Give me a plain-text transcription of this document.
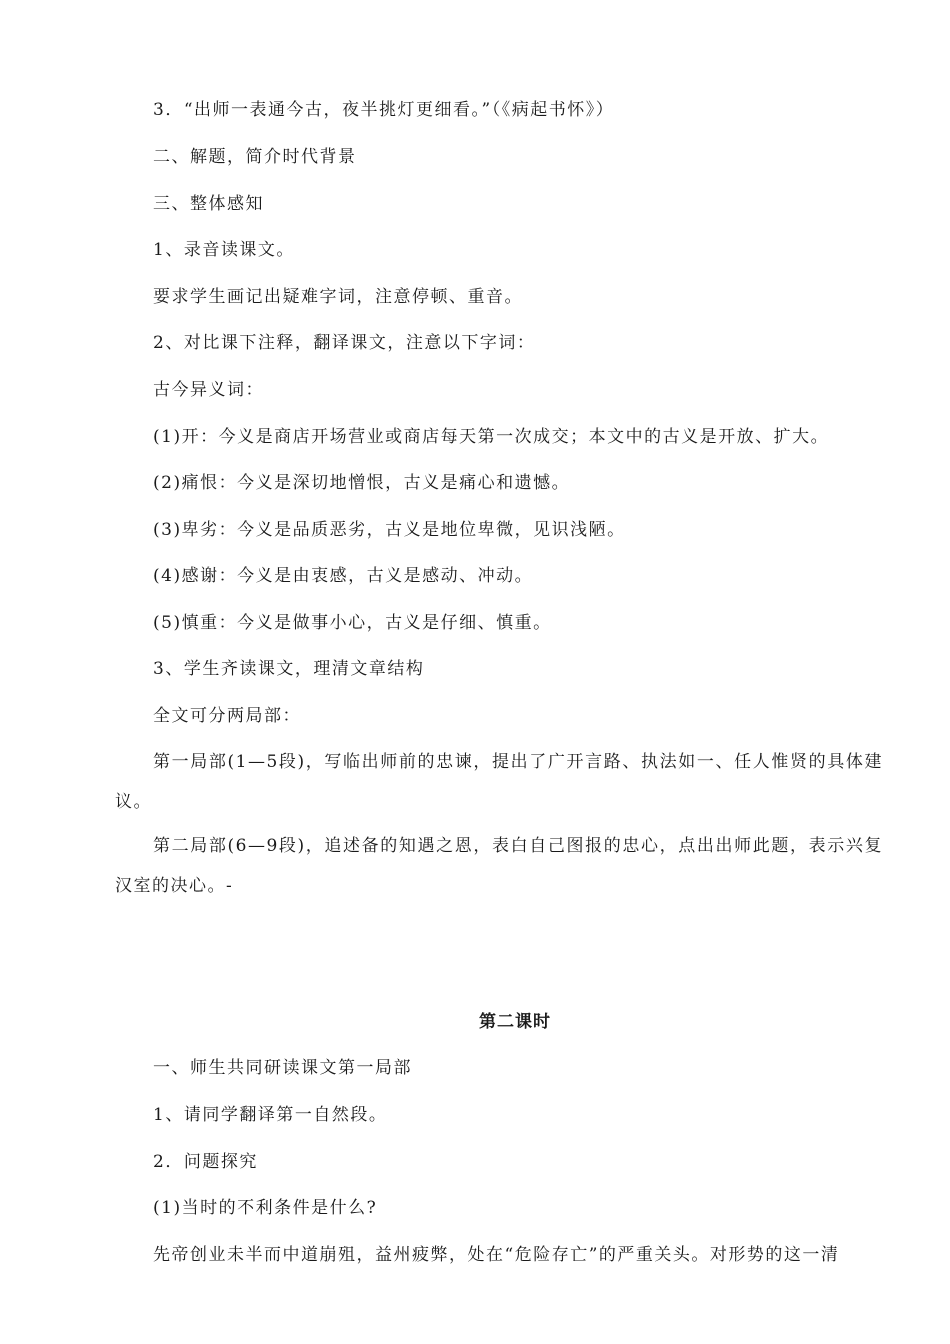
3．“出师一表通今古，夜半挑灯更细看。”（《病起书怀》）
二、解题，简介时代背景
三、整体感知
1、录音读课文。
要求学生画记出疑难字词，注意停顿、重音。
2、对比课下注释，翻译课文，注意以下字词：
古今异义词：
(1)开：今义是商店开场营业或商店每天第一次成交；本文中的古义是开放、扩大。
(2)痛恨：今义是深切地憎恨，古义是痛心和遗憾。
(3)卑劣：今义是品质恶劣，古义是地位卑微，见识浅陋。
(4)感谢：今义是由衷感，古义是感动、冲动。
(5)慎重：今义是做事小心，古义是仔细、慎重。
3、学生齐读课文，理清文章结构
全文可分两局部：
第一局部(1—5段)，写临出师前的忠谏，提出了广开言路、执法如一、任人惟贤的具体建议。
第二局部(6—9段)，追述备的知遇之恩，表白自己图报的忠心，点出出师此题，表示兴复汉室的决心。-
第二课时
一、师生共同研读课文第一局部
1、请同学翻译第一自然段。
2．问题探究
(1)当时的不利条件是什么?
先帝创业未半而中道崩殂，益州疲弊，处在“危险存亡”的严重关头。对形势的这一清
